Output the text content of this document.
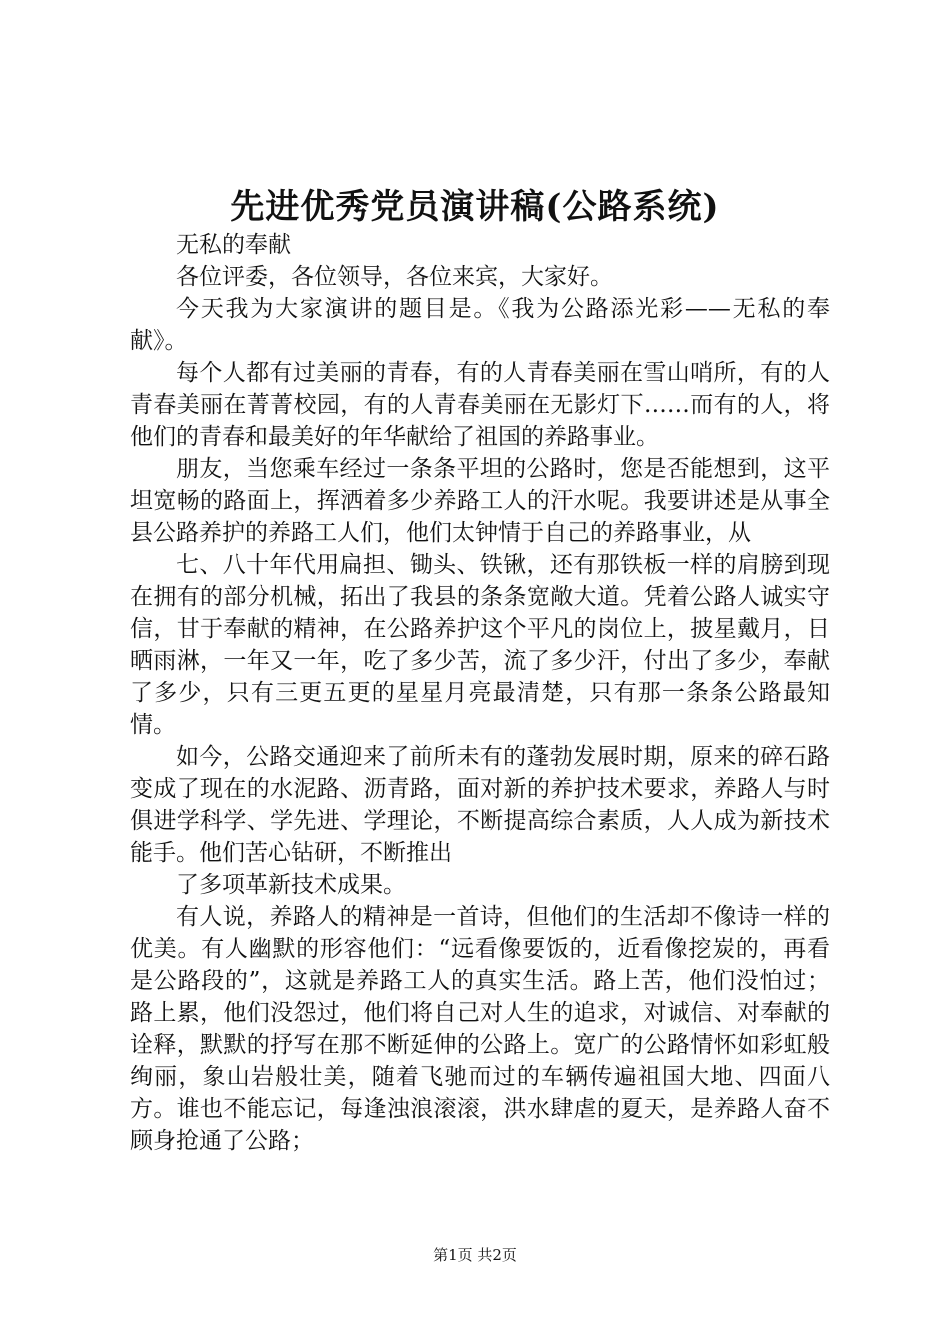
先进优秀党员演讲稿(公路系统)

无私的奉献

各位评委，各位领导，各位来宾，大家好。

今天我为大家演讲的题目是。《我为公路添光彩——无私的奉献》。

每个人都有过美丽的青春，有的人青春美丽在雪山哨所，有的人青春美丽在菁菁校园，有的人青春美丽在无影灯下……而有的人，将他们的青春和最美好的年华献给了祖国的养路事业。

朋友，当您乘车经过一条条平坦的公路时，您是否能想到，这平坦宽畅的路面上，挥洒着多少养路工人的汗水呢。我要讲述是从事全县公路养护的养路工人们，他们太钟情于自己的养路事业，从

七、八十年代用扁担、锄头、铁锹，还有那铁板一样的肩膀到现在拥有的部分机械，拓出了我县的条条宽敞大道。凭着公路人诚实守信，甘于奉献的精神，在公路养护这个平凡的岗位上，披星戴月，日晒雨淋，一年又一年，吃了多少苦，流了多少汗，付出了多少，奉献了多少，只有三更五更的星星月亮最清楚，只有那一条条公路最知情。

如今，公路交通迎来了前所未有的蓬勃发展时期，原来的碎石路变成了现在的水泥路、沥青路，面对新的养护技术要求，养路人与时俱进学科学、学先进、学理论，不断提高综合素质，人人成为新技术能手。他们苦心钻研，不断推出

了多项革新技术成果。

有人说，养路人的精神是一首诗，但他们的生活却不像诗一样的优美。有人幽默的形容他们：“远看像要饭的，近看像挖炭的，再看是公路段的”，这就是养路工人的真实生活。路上苦，他们没怕过；路上累，他们没怨过，他们将自己对人生的追求，对诚信、对奉献的诠释，默默的抒写在那不断延伸的公路上。宽广的公路情怀如彩虹般绚丽，象山岩般壮美，随着飞驰而过的车辆传遍祖国大地、四面八方。谁也不能忘记，每逢浊浪滚滚，洪水肆虐的夏天，是养路人奋不顾身抢通了公路；

第1页 共2页
